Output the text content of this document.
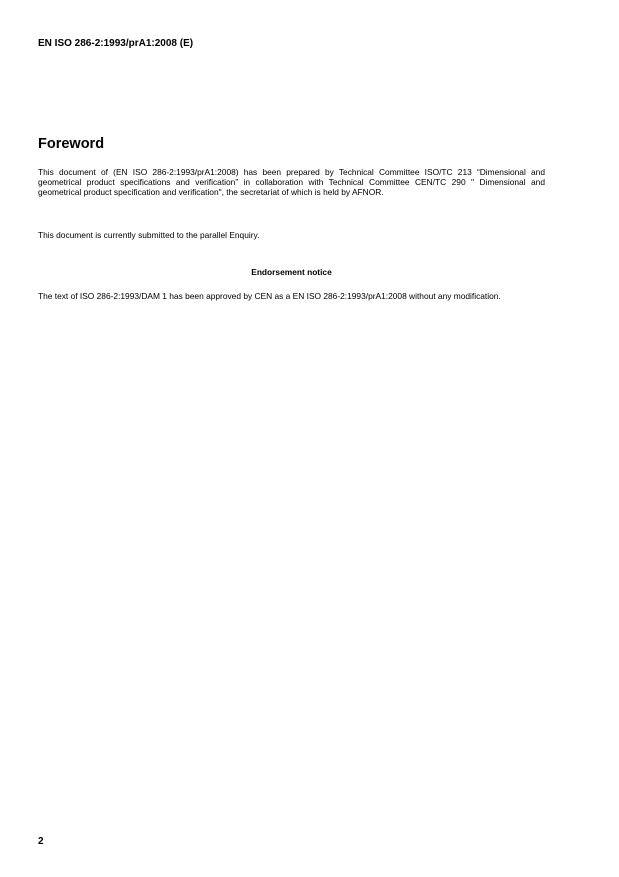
EN ISO 286-2:1993/prA1:2008 (E)
Foreword

This document of (EN ISO 286-2:1993/prA1:2008) has been prepared by Technical Committee ISO/TC 213 “Dimensional and geometrical product specifications and verification” in collaboration with Technical Committee CEN/TC 290 " Dimensional and geometrical product specification and verification", the secretariat of which is held by AFNOR.

This document is currently submitted to the parallel Enquiry.

Endorsement notice

The text of ISO 286-2:1993/DAM 1 has been approved by CEN as a EN ISO 286-2:1993/prA1:2008 without any modification.

2
